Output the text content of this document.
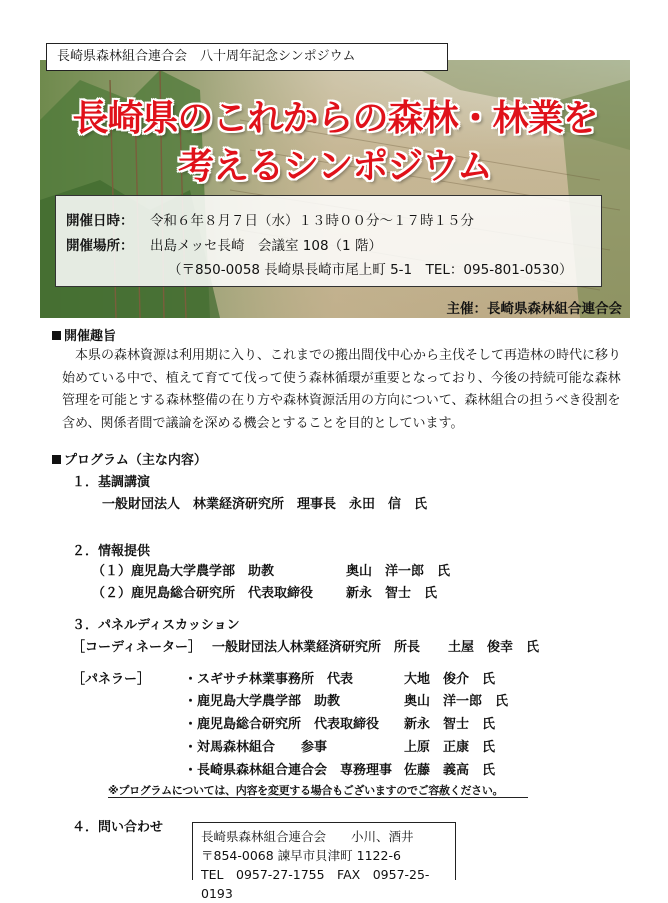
長崎県森林組合連合会　八十周年記念シンポジウム
長崎県のこれからの森林・林業を
考えるシンポジウム
開催日時： 令和６年８月７日（水）１３時００分～１７時１５分
開催場所： 出島メッセ長崎　会議室 108（1 階）
（〒850-0058 長崎県長崎市尾上町 5-1　TEL：095-801-0530）
主催：長崎県森林組合連合会
開催趣旨
本県の森林資源は利用期に入り、これまでの搬出間伐中心から主伐そして再造林の時代に移り
始めている中で、植えて育てて伐って使う森林循環が重要となっており、今後の持続可能な森林
管理を可能とする森林整備の在り方や森林資源活用の方向について、森林組合の担うべき役割を
含め、関係者間で議論を深める機会とすることを目的としています。
プログラム（主な内容）
１．基調講演
一般財団法人　林業経済研究所　理事長　永田　信　氏
２．情報提供
（１）鹿児島大学農学部　助教	奥山　洋一郎　氏
（２）鹿児島総合研究所　代表取締役	新永　智士　氏
３．パネルディスカッション
［コーディネーター］ 一般財団法人林業経済研究所　所長 土屋　俊幸　氏
［パネラー］	・スギサチ林業事務所　代表	大地　俊介　氏
・鹿児島大学農学部　助教	奥山　洋一郎　氏
・鹿児島総合研究所　代表取締役 新永　智士　氏
・対馬森林組合　　参事	上原　正康　氏
・長崎県森林組合連合会　専務理事 佐藤　義高　氏
※プログラムについては、内容を変更する場合もございますのでご容赦ください。
４．問い合わせ
長崎県森林組合連合会　　小川、酒井
〒854-0068 諫早市貝津町 1122-6
TEL　0957-27-1755　FAX　0957-25-0193
